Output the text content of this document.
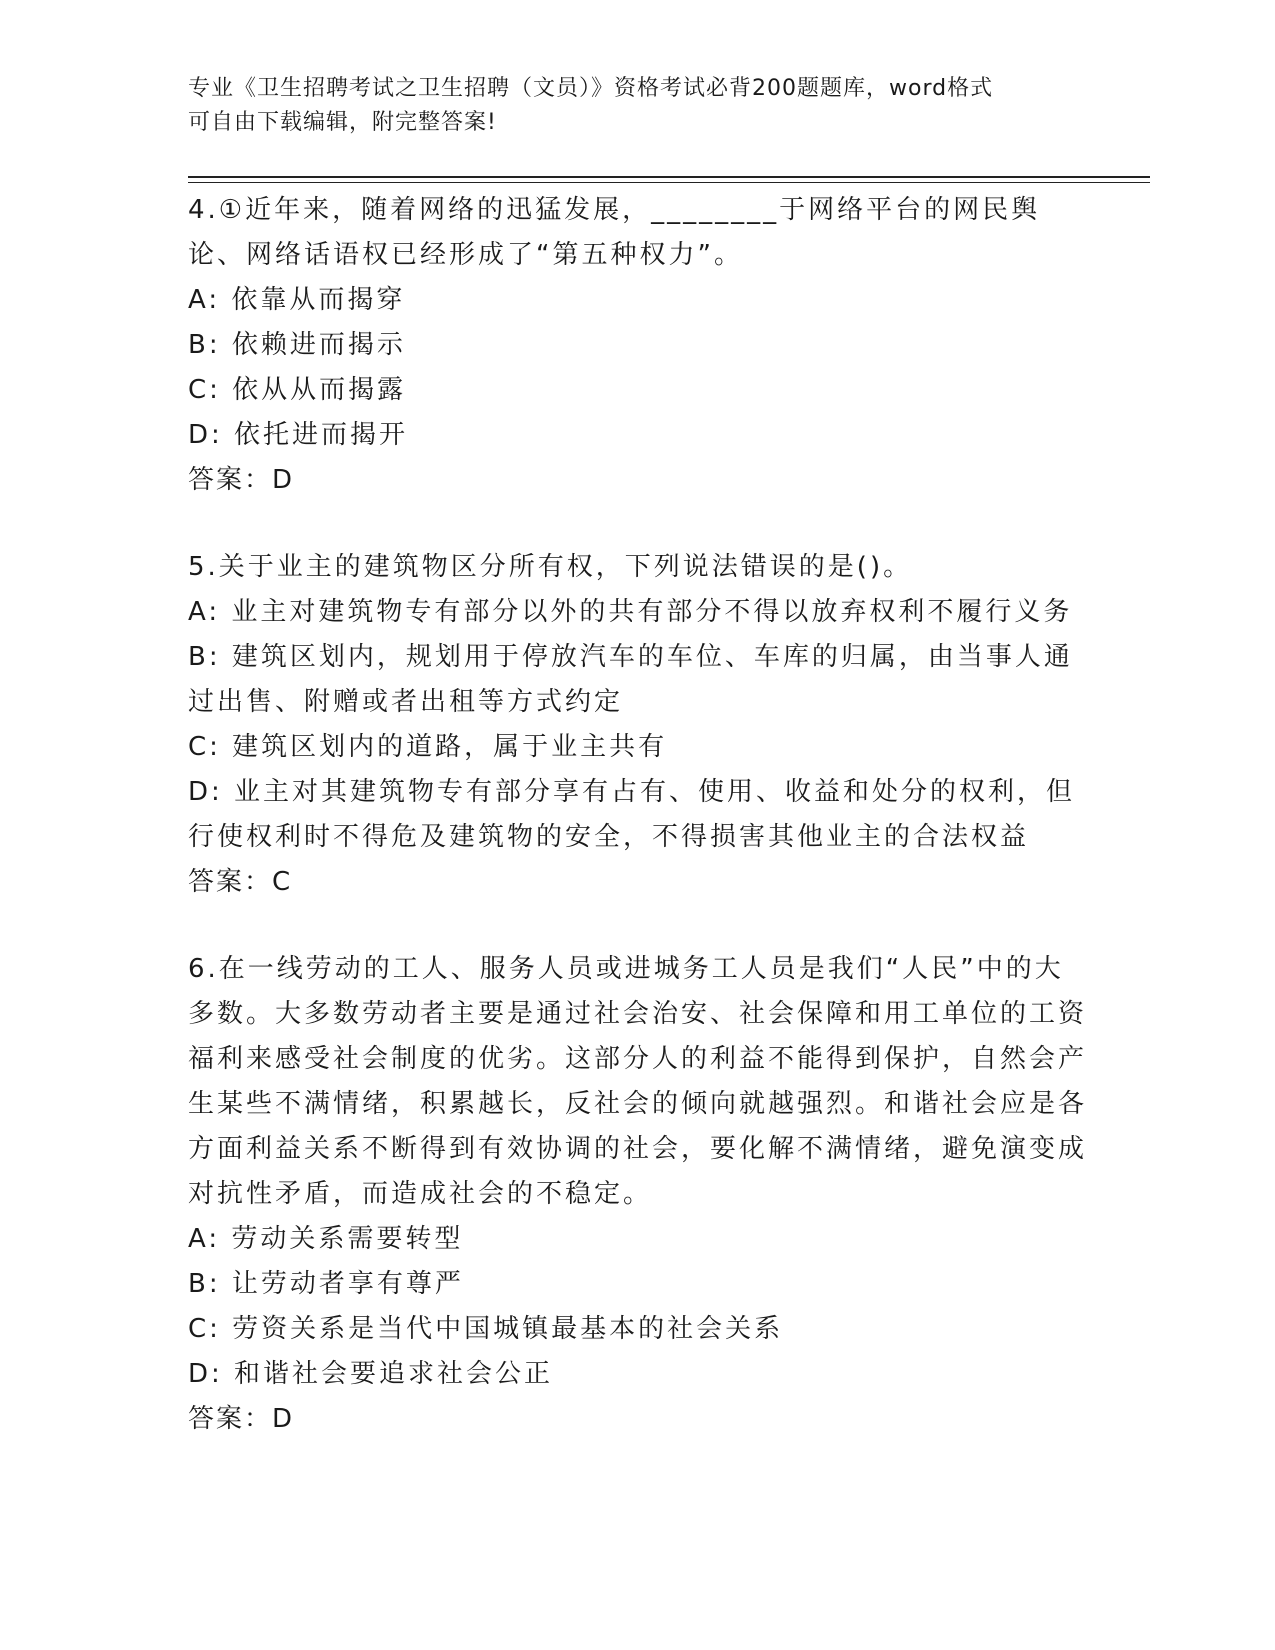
专业《卫生招聘考试之卫生招聘（文员）》资格考试必背200题题库，word格式
可自由下载编辑，附完整答案!

4.①近年来，随着网络的迅猛发展，________于网络平台的网民舆论、网络话语权已经形成了“第五种权力”。

A: 依靠从而揭穿

B: 依赖进而揭示

C: 依从从而揭露

D: 依托进而揭开

答案：D

5.关于业主的建筑物区分所有权，下列说法错误的是()。

A: 业主对建筑物专有部分以外的共有部分不得以放弃权利不履行义务

B: 建筑区划内，规划用于停放汽车的车位、车库的归属，由当事人通过出售、附赠或者出租等方式约定

C: 建筑区划内的道路，属于业主共有

D: 业主对其建筑物专有部分享有占有、使用、收益和处分的权利，但行使权利时不得危及建筑物的安全，不得损害其他业主的合法权益

答案：C

6.在一线劳动的工人、服务人员或进城务工人员是我们“人民”中的大多数。大多数劳动者主要是通过社会治安、社会保障和用工单位的工资福利来感受社会制度的优劣。这部分人的利益不能得到保护，自然会产生某些不满情绪，积累越长，反社会的倾向就越强烈。和谐社会应是各方面利益关系不断得到有效协调的社会，要化解不满情绪，避免演变成对抗性矛盾，而造成社会的不稳定。

A: 劳动关系需要转型

B: 让劳动者享有尊严

C: 劳资关系是当代中国城镇最基本的社会关系

D: 和谐社会要追求社会公正

答案：D
